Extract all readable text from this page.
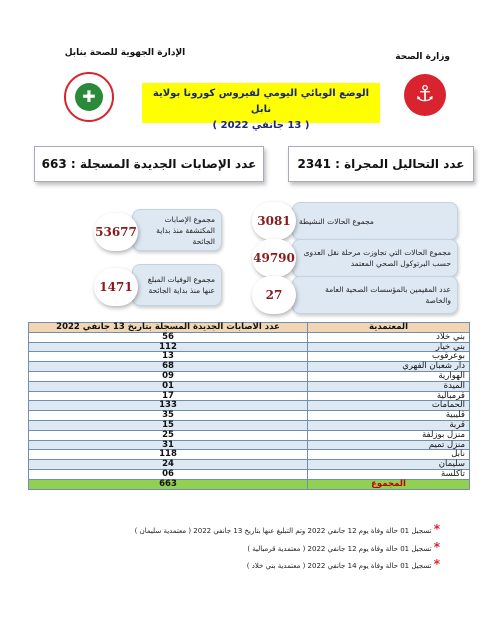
وزارة الصحة
الإدارة الجهوية للصحة بنابل
⚓
✚	الوضع الوبائي اليومي لفيروس كورونا بولاية نابل
( 13 جانفي 2022 )
عدد التحاليل المجراة : 2341
عدد الإصابات الجديدة المسجلة : 663
مجموع الحالات النشيطة
3081
مجموع الحالات التي تجاوزت مرحلة نقل العدوى حسب البرتوكول الصحي المعتمد
49790
عدد المقيمين بالمؤسسات الصحية العامة والخاصة
27
مجموع الإصابات المكتشفة منذ بداية الجائحة
53677
مجموع الوفيات المبلغ عنها منذ بداية الجائحة
1471
عدد الاصابات الجديدة المسجلة بتاريخ 13 جانفي 2022	المعتمدية
56	بني خلاد
112	بني خيار
13	بوعرقوب
68	دار شعبان الفهري
09	الهوارية
01	الميدة
17	قرمبالية
133	الحمامات
35	قليبية
15	قربة
25	منزل بوزلفة
31	منزل تميم
118	نابل
24	سليمان
06	تاكلسة
663	المجموع
* تسجيل 01 حالة وفاة يوم 12 جانفي 2022 وتم التبليغ عنها بتاريخ 13 جانفي 2022 ( معتمدية سليمان )
* تسجيل 01 حالة وفاة يوم 12 جانفي 2022 ( معتمدية قرمبالية )
* تسجيل 01 حالة وفاة يوم 14 جانفي 2022 ( معتمدية بني خلاد )
